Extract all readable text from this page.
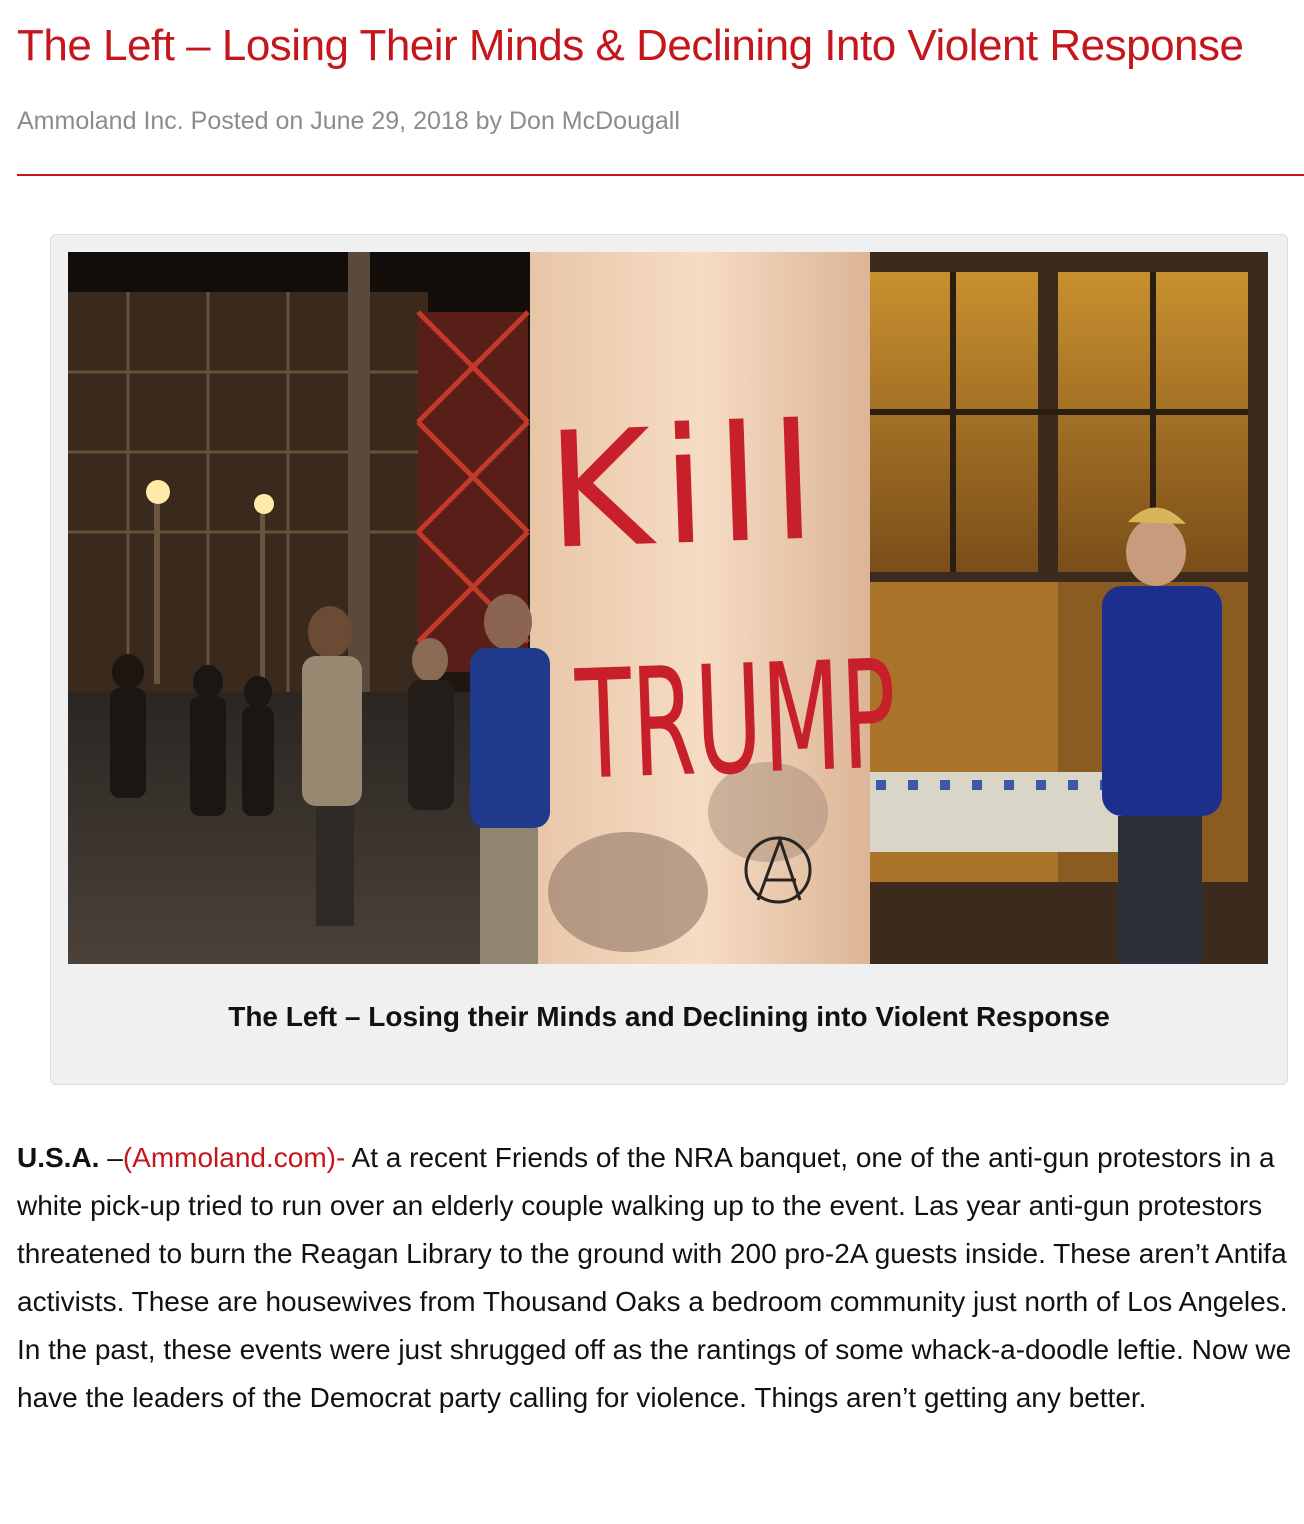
The Left – Losing Their Minds & Declining Into Violent Response
Ammoland Inc. Posted on June 29, 2018 by Don McDougall
Kill
TRUMP
The Left – Losing their Minds and Declining into Violent Response

U.S.A. –(Ammoland.com)- At a recent Friends of the NRA banquet, one of the anti-gun protestors in a white pick-up tried to run over an elderly couple walking up to the event. Las year anti-gun protestors threatened to burn the Reagan Library to the ground with 200 pro-2A guests inside. These aren’t Antifa activists. These are housewives from Thousand Oaks a bedroom community just north of Los Angeles.

In the past, these events were just shrugged off as the rantings of some whack-a-doodle leftie. Now we have the leaders of the Democrat party calling for violence. Things aren’t getting any better.
